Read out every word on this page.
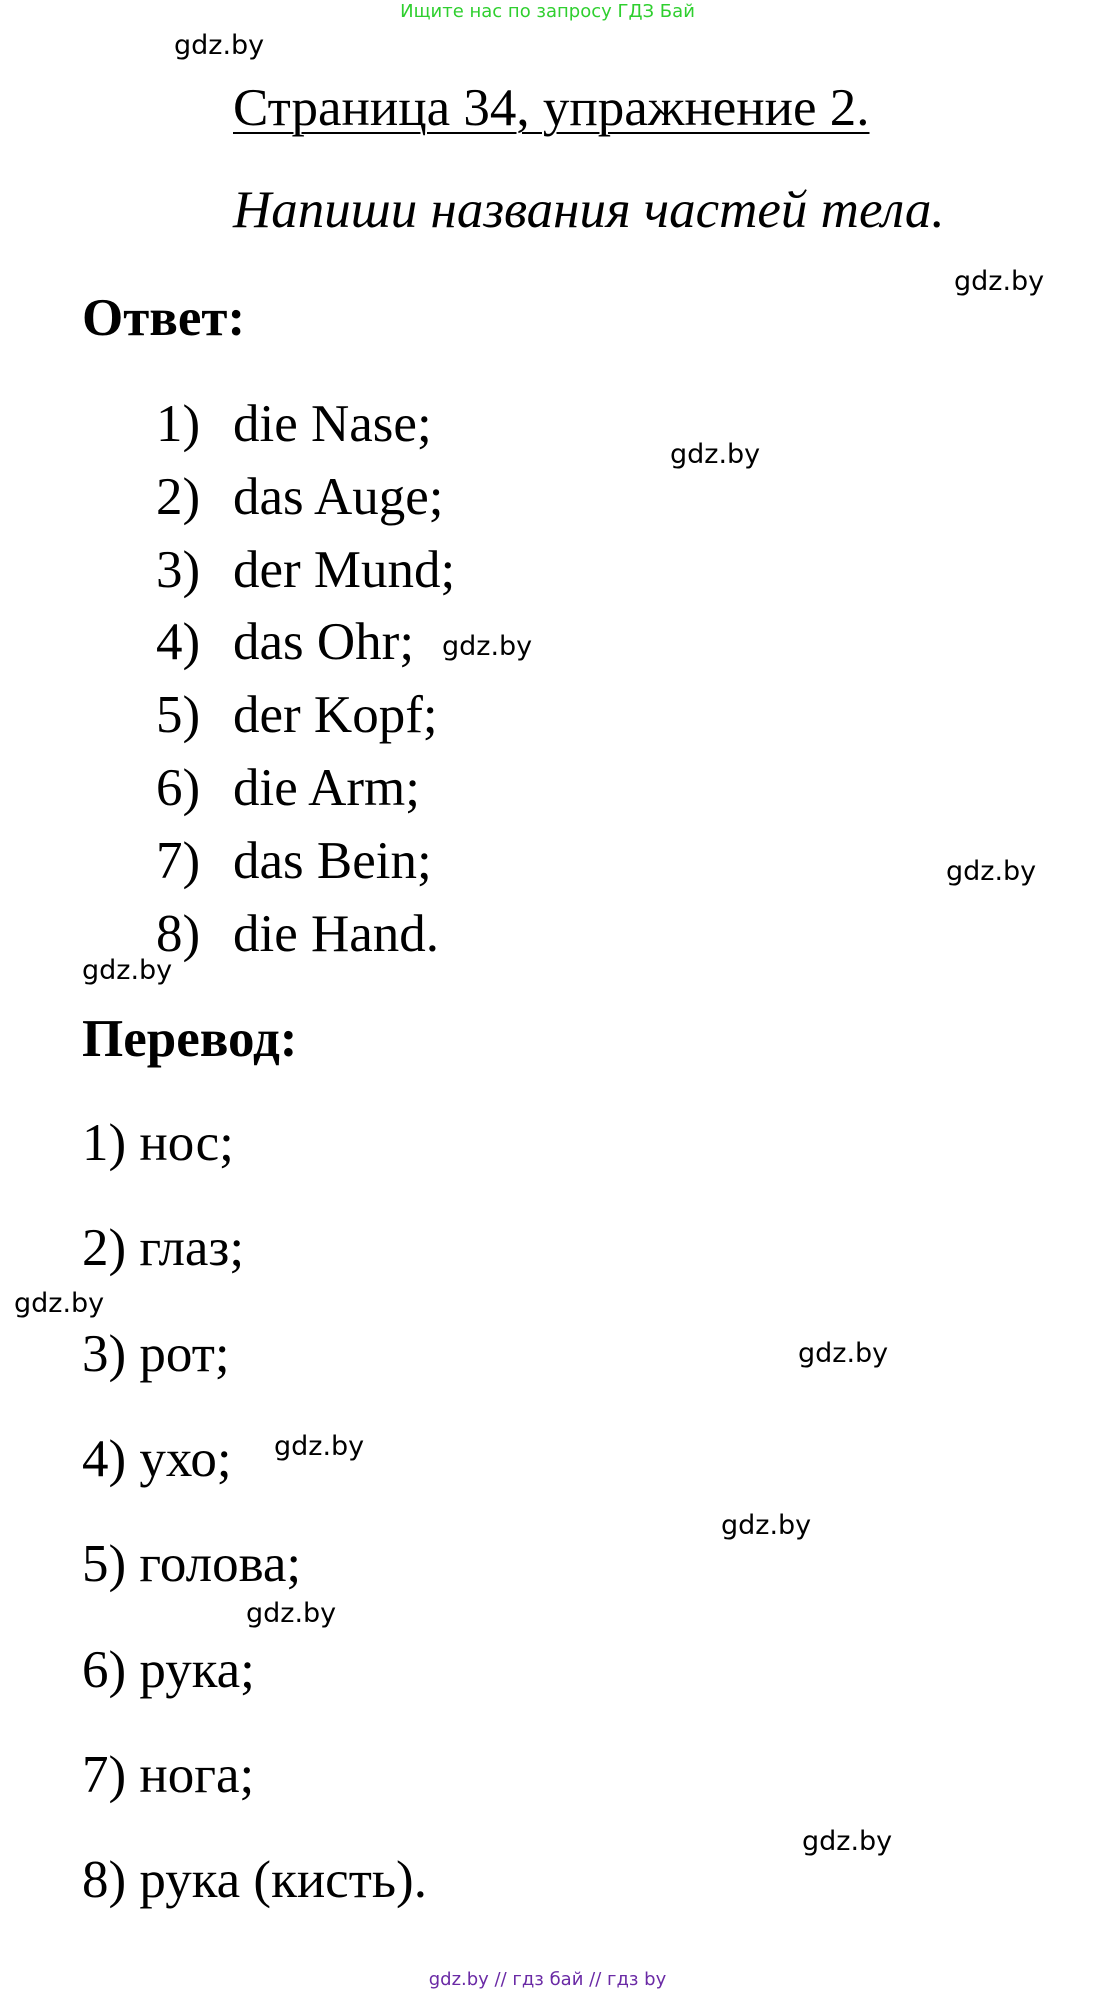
Ищите нас по запросу ГДЗ Бай
gdz.by
Страница 34, упражнение 2.
Напиши названия частей тела.
gdz.by
Ответ:
1) die Nase;
2) das Auge;
3) der Mund;
4) das Ohr;
5) der Kopf;
6) die Arm;
7) das Bein;
8) die Hand.
gdz.by
gdz.by
gdz.by
gdz.by
Перевод:
1) нос;
2) глаз;
3) рот;
4) ухо;
5) голова;
6) рука;
7) нога;
8) рука (кисть).
gdz.by
gdz.by
gdz.by
gdz.by
gdz.by
gdz.by
gdz.by // гдз бай // гдз by
